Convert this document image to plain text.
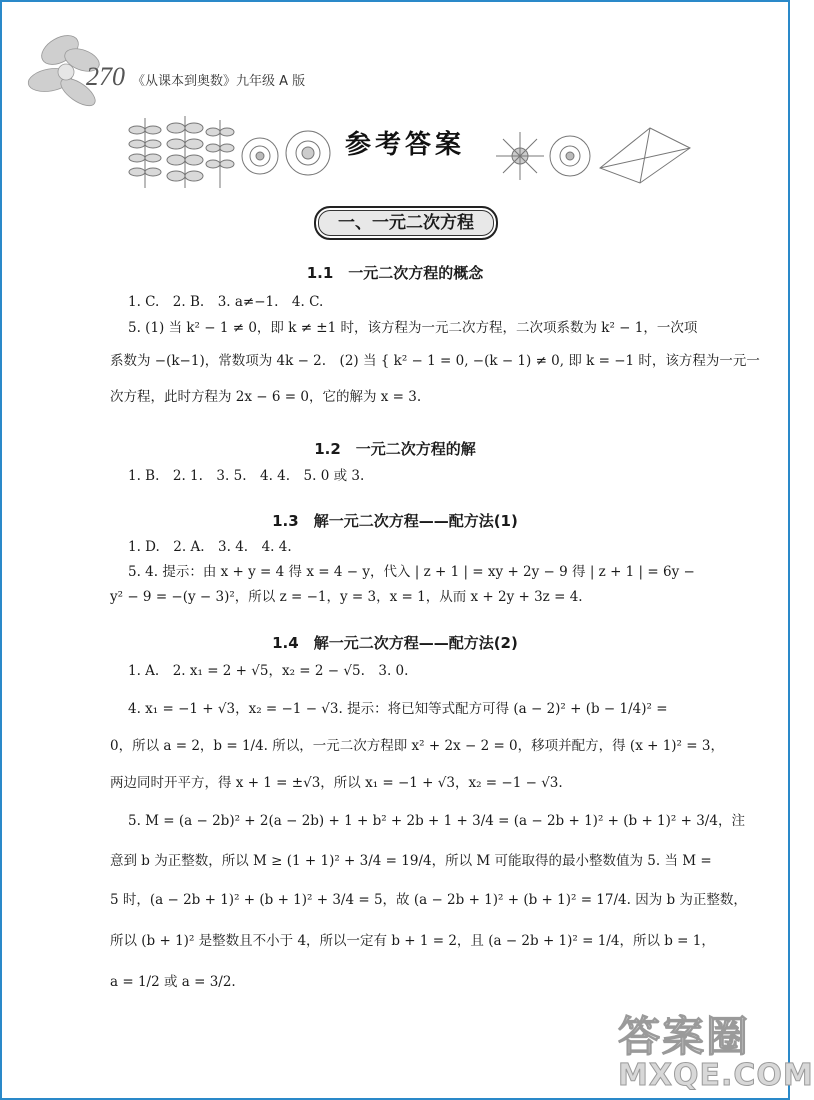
270 《从课本到奥数》九年级 A 版
参考答案
一、一元二次方程
1.1　一元二次方程的概念
1. C.　2. B.　3. a≠−1.　4. C.
5. (1) 当 k² − 1 ≠ 0，即 k ≠ ±1 时，该方程为一元二次方程，二次项系数为 k² − 1，一次项
系数为 −(k−1)，常数项为 4k − 2.　(2) 当 { k² − 1 = 0, −(k − 1) ≠ 0, 即 k = −1 时，该方程为一元一
次方程，此时方程为 2x − 6 = 0，它的解为 x = 3.
1.2　一元二次方程的解
1. B.　2. 1.　3. 5.　4. 4.　5. 0 或 3.
1.3　解一元二次方程——配方法(1)
1. D.　2. A.　3. 4.　4. 4.
5. 4. 提示：由 x + y = 4 得 x = 4 − y，代入 | z + 1 | = xy + 2y − 9 得 | z + 1 | = 6y −
y² − 9 = −(y − 3)²，所以 z = −1，y = 3，x = 1，从而 x + 2y + 3z = 4.
1.4　解一元二次方程——配方法(2)
1. A.　2. x₁ = 2 + √5，x₂ = 2 − √5.　3. 0.
4. x₁ = −1 + √3，x₂ = −1 − √3. 提示：将已知等式配方可得 (a − 2)² + (b − 1/4)² =
0，所以 a = 2，b = 1/4. 所以，一元二次方程即 x² + 2x − 2 = 0，移项并配方，得 (x + 1)² = 3，
两边同时开平方，得 x + 1 = ±√3，所以 x₁ = −1 + √3，x₂ = −1 − √3.
5. M = (a − 2b)² + 2(a − 2b) + 1 + b² + 2b + 1 + 3/4 = (a − 2b + 1)² + (b + 1)² + 3/4，注
意到 b 为正整数，所以 M ≥ (1 + 1)² + 3/4 = 19/4，所以 M 可能取得的最小整数值为 5. 当 M =
5 时，(a − 2b + 1)² + (b + 1)² + 3/4 = 5，故 (a − 2b + 1)² + (b + 1)² = 17/4. 因为 b 为正整数，
所以 (b + 1)² 是整数且不小于 4，所以一定有 b + 1 = 2，且 (a − 2b + 1)² = 1/4，所以 b = 1，
a = 1/2 或 a = 3/2.
答案圈
MXQE.COM
